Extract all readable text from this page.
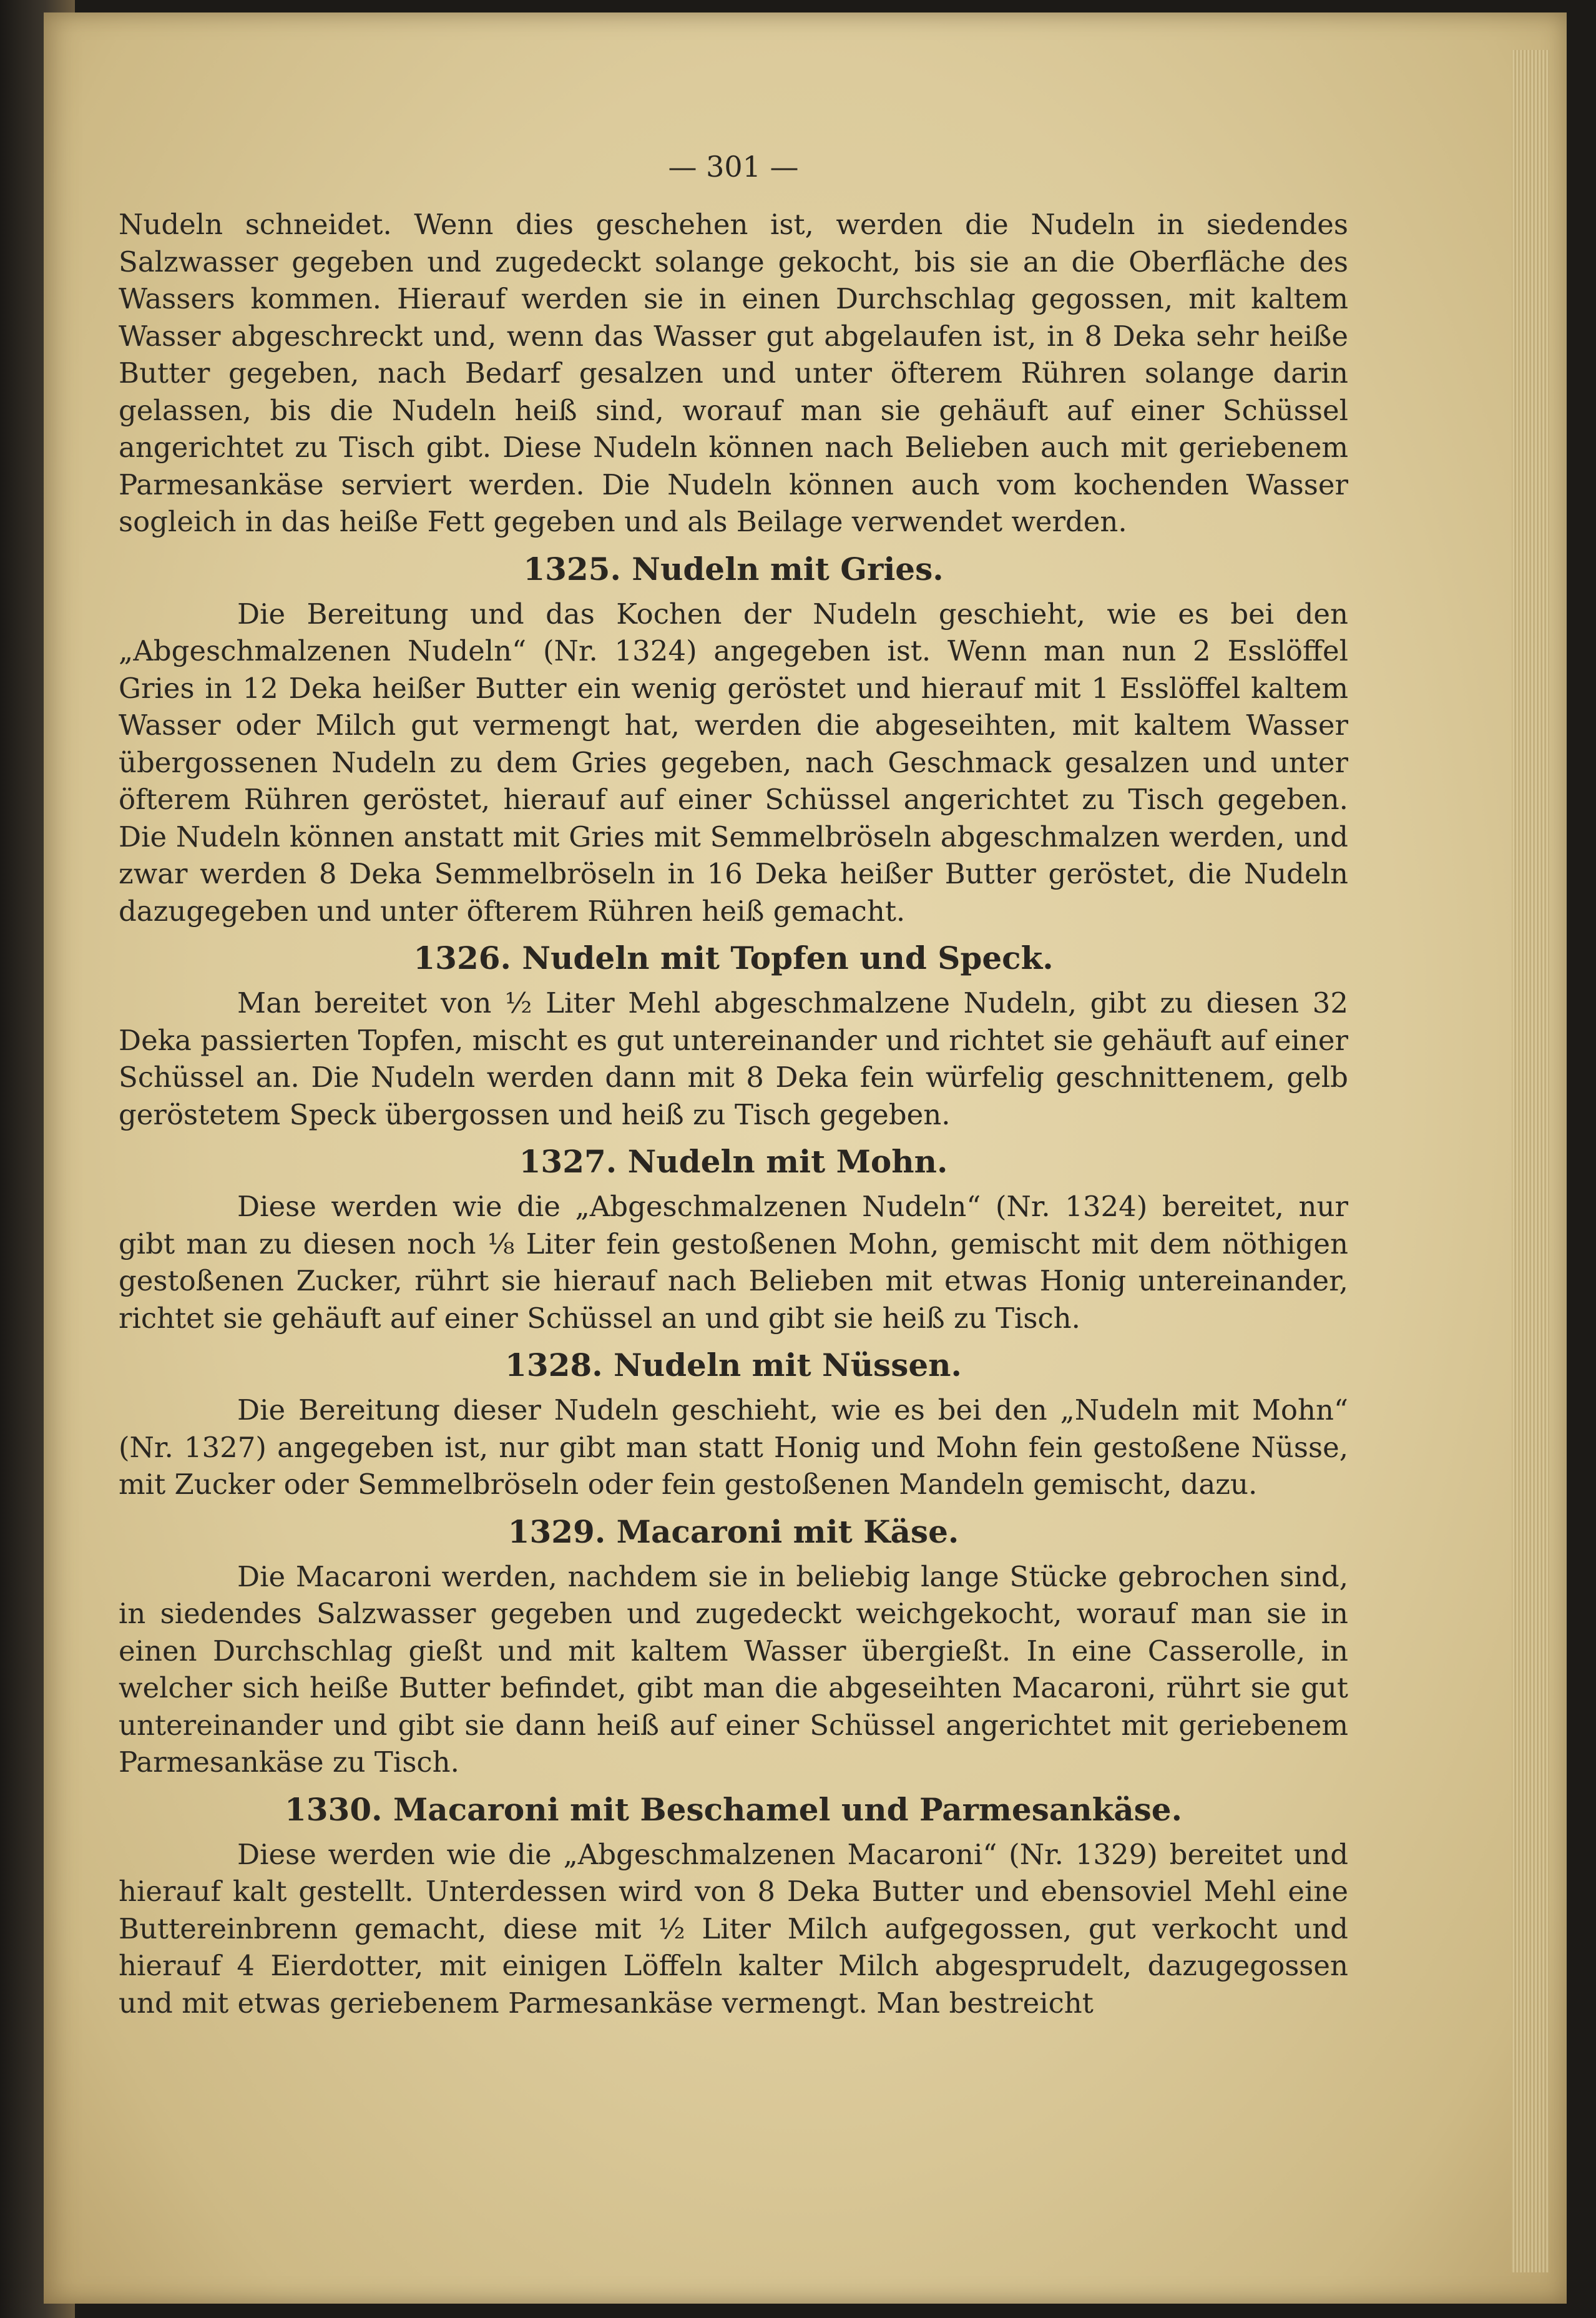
— 301 —

Nudeln schneidet. Wenn dies geschehen ist, werden die Nudeln in siedendes Salzwasser gegeben und zugedeckt solange gekocht, bis sie an die Oberfläche des Wassers kommen. Hierauf werden sie in einen Durchschlag gegossen, mit kaltem Wasser abgeschreckt und, wenn das Wasser gut abgelaufen ist, in 8 Deka sehr heiße Butter gegeben, nach Bedarf gesalzen und unter öfterem Rühren solange darin gelassen, bis die Nudeln heiß sind, worauf man sie gehäuft auf einer Schüssel angerichtet zu Tisch gibt. Diese Nudeln können nach Belieben auch mit geriebenem Parmesankäse serviert werden. Die Nudeln können auch vom kochenden Wasser sogleich in das heiße Fett gegeben und als Beilage verwendet werden.

1325. Nudeln mit Gries.

Die Bereitung und das Kochen der Nudeln geschieht, wie es bei den „Abgeschmalzenen Nudeln“ (Nr. 1324) angegeben ist. Wenn man nun 2 Esslöffel Gries in 12 Deka heißer Butter ein wenig geröstet und hierauf mit 1 Esslöffel kaltem Wasser oder Milch gut vermengt hat, werden die abgeseihten, mit kaltem Wasser übergossenen Nudeln zu dem Gries gegeben, nach Geschmack gesalzen und unter öfterem Rühren geröstet, hierauf auf einer Schüssel angerichtet zu Tisch gegeben. Die Nudeln können anstatt mit Gries mit Semmelbröseln abgeschmalzen werden, und zwar werden 8 Deka Semmelbröseln in 16 Deka heißer Butter geröstet, die Nudeln dazugegeben und unter öfterem Rühren heiß gemacht.

1326. Nudeln mit Topfen und Speck.

Man bereitet von ½ Liter Mehl abgeschmalzene Nudeln, gibt zu diesen 32 Deka passierten Topfen, mischt es gut untereinander und richtet sie gehäuft auf einer Schüssel an. Die Nudeln werden dann mit 8 Deka fein würfelig geschnittenem, gelb geröstetem Speck übergossen und heiß zu Tisch gegeben.

1327. Nudeln mit Mohn.

Diese werden wie die „Abgeschmalzenen Nudeln“ (Nr. 1324) bereitet, nur gibt man zu diesen noch ⅛ Liter fein gestoßenen Mohn, gemischt mit dem nöthigen gestoßenen Zucker, rührt sie hierauf nach Belieben mit etwas Honig untereinander, richtet sie gehäuft auf einer Schüssel an und gibt sie heiß zu Tisch.

1328. Nudeln mit Nüssen.

Die Bereitung dieser Nudeln geschieht, wie es bei den „Nudeln mit Mohn“ (Nr. 1327) angegeben ist, nur gibt man statt Honig und Mohn fein gestoßene Nüsse, mit Zucker oder Semmelbröseln oder fein gestoßenen Mandeln gemischt, dazu.

1329. Macaroni mit Käse.

Die Macaroni werden, nachdem sie in beliebig lange Stücke gebrochen sind, in siedendes Salzwasser gegeben und zugedeckt weichgekocht, worauf man sie in einen Durchschlag gießt und mit kaltem Wasser übergießt. In eine Casserolle, in welcher sich heiße Butter befindet, gibt man die abgeseihten Macaroni, rührt sie gut untereinander und gibt sie dann heiß auf einer Schüssel angerichtet mit geriebenem Parmesankäse zu Tisch.

1330. Macaroni mit Beschamel und Parmesankäse.

Diese werden wie die „Abgeschmalzenen Macaroni“ (Nr. 1329) bereitet und hierauf kalt gestellt. Unterdessen wird von 8 Deka Butter und ebensoviel Mehl eine Buttereinbrenn gemacht, diese mit ½ Liter Milch aufgegossen, gut verkocht und hierauf 4 Eierdotter, mit einigen Löffeln kalter Milch abgesprudelt, dazugegossen und mit etwas geriebenem Parmesankäse vermengt. Man bestreicht
